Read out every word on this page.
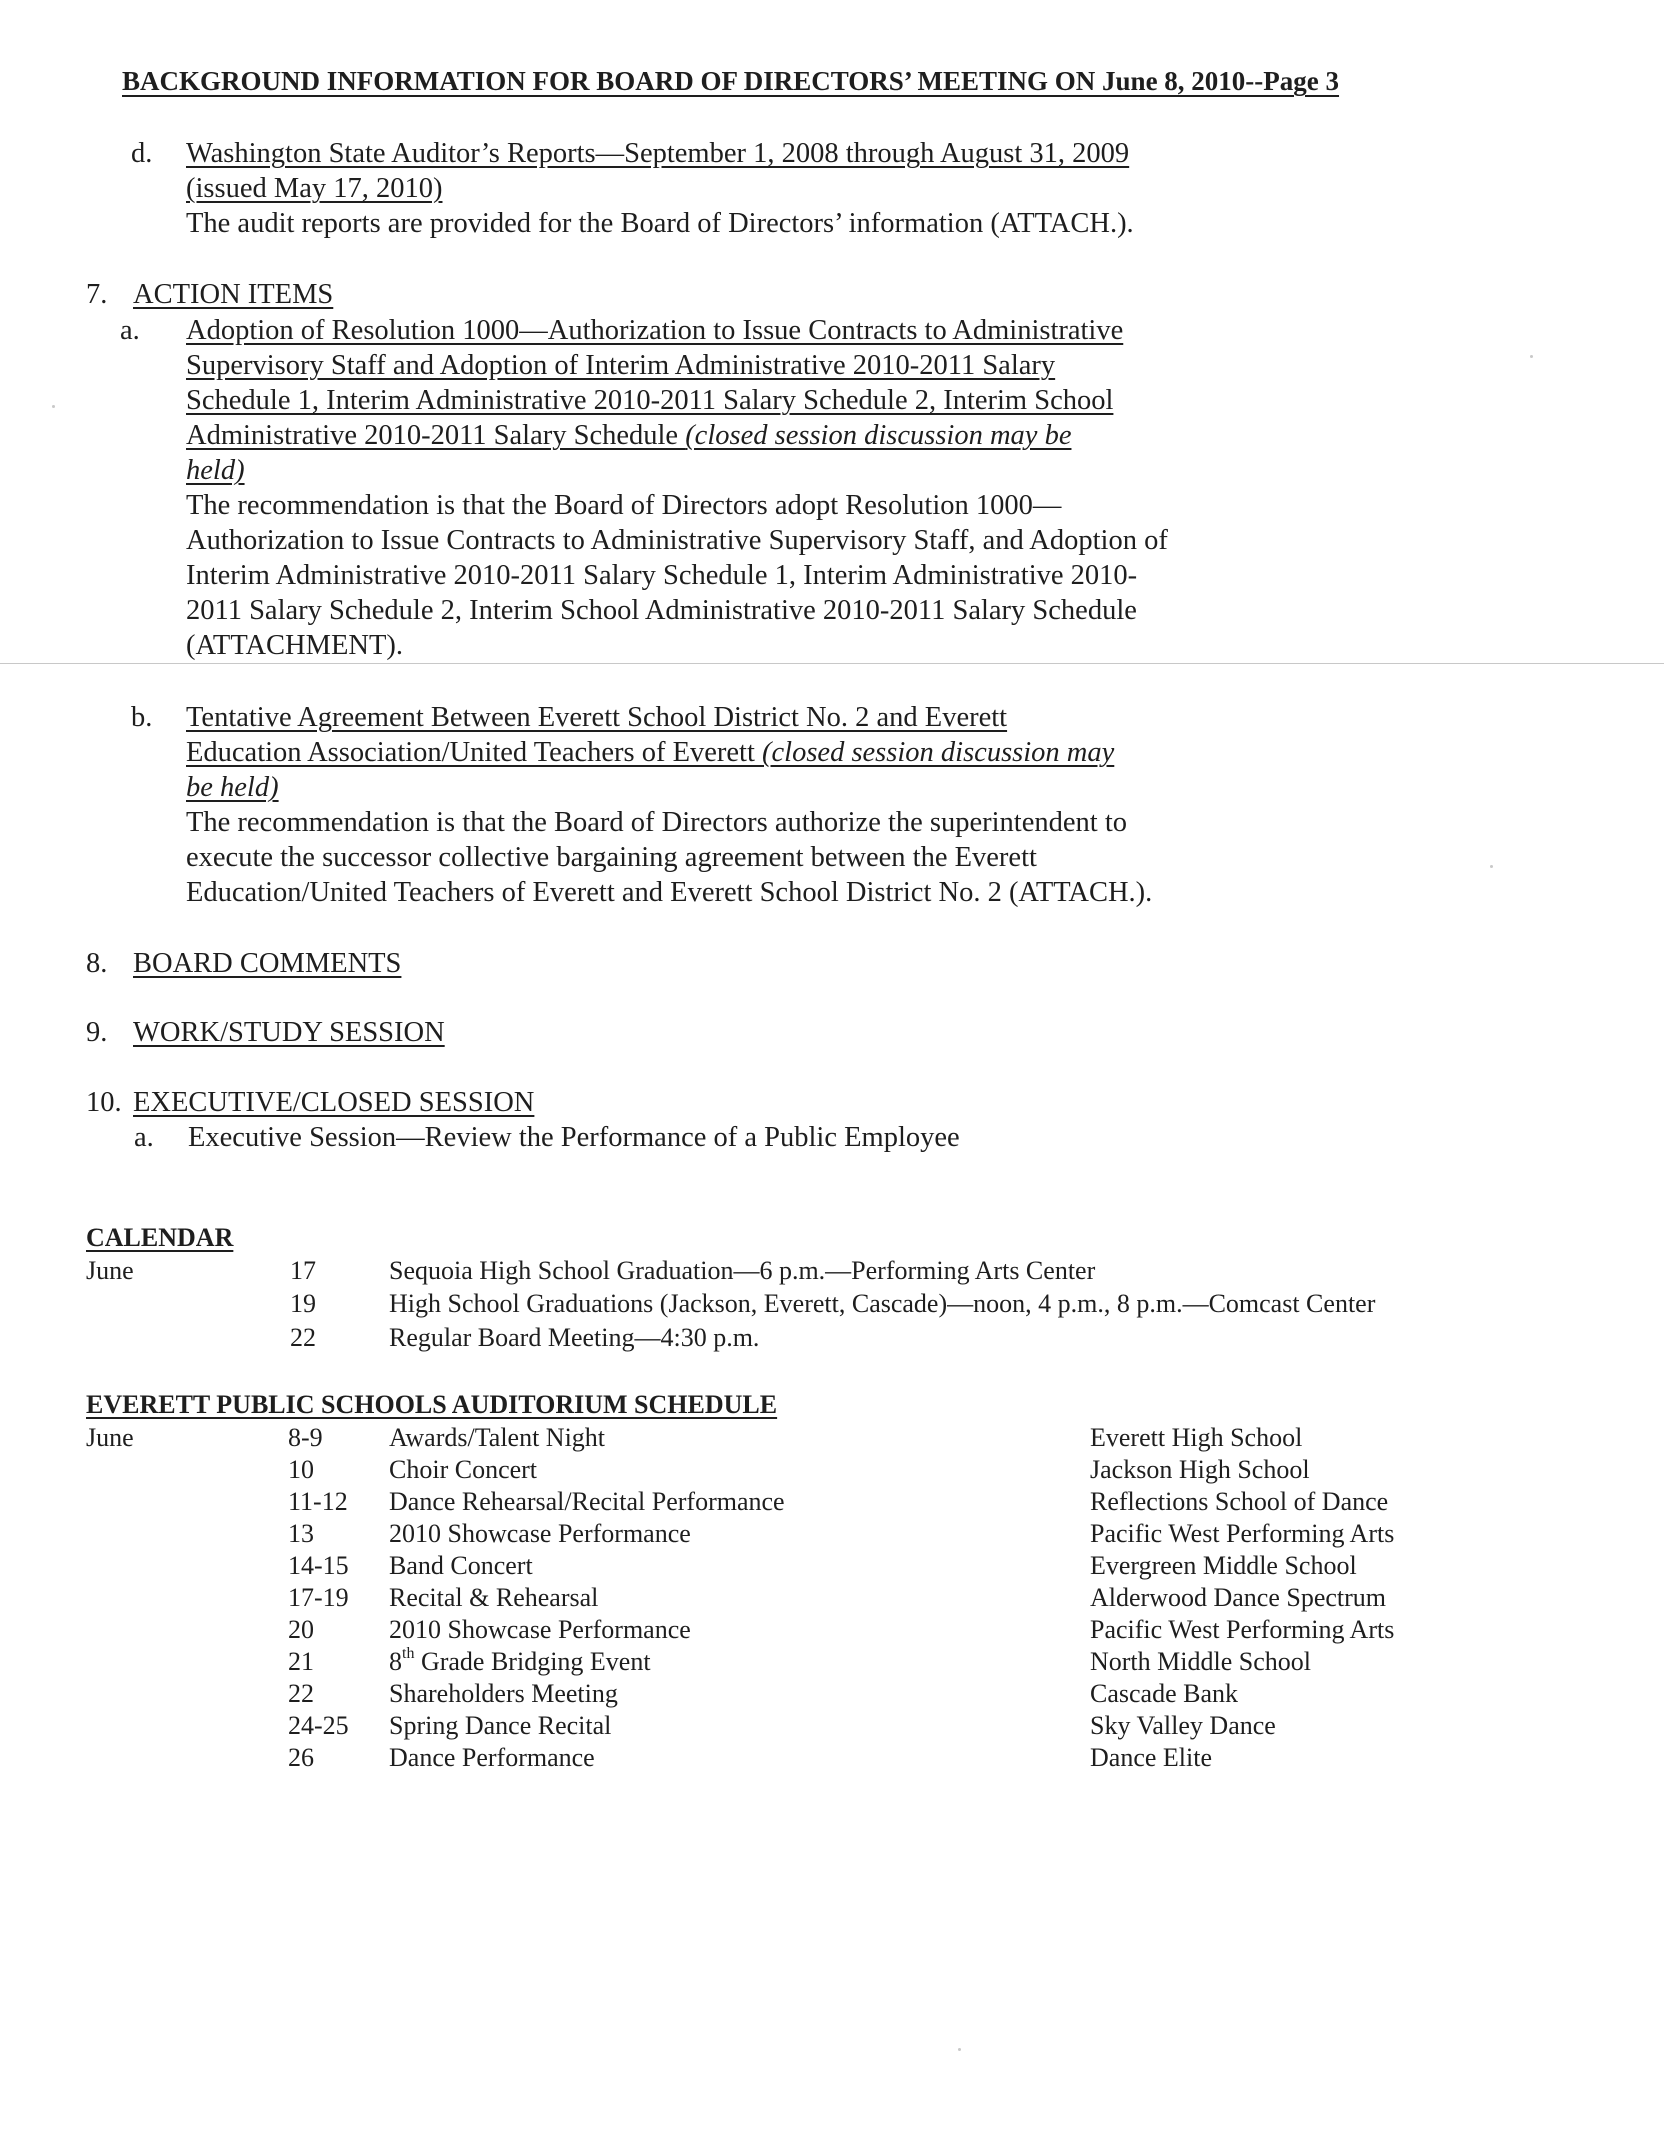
BACKGROUND INFORMATION FOR BOARD OF DIRECTORS’ MEETING ON June 8, 2010--Page 3
d. Washington State Auditor’s Reports—September 1, 2008 through August 31, 2009
(issued May 17, 2010)
The audit reports are provided for the Board of Directors’ information (ATTACH.).
7. ACTION ITEMS
a. Adoption of Resolution 1000—Authorization to Issue Contracts to Administrative
Supervisory Staff and Adoption of Interim Administrative 2010-2011 Salary
Schedule 1, Interim Administrative 2010-2011 Salary Schedule 2, Interim School
Administrative 2010-2011 Salary Schedule (closed session discussion may be
held)
The recommendation is that the Board of Directors adopt Resolution 1000—
Authorization to Issue Contracts to Administrative Supervisory Staff, and Adoption of
Interim Administrative 2010-2011 Salary Schedule 1, Interim Administrative 2010-
2011 Salary Schedule 2, Interim School Administrative 2010-2011 Salary Schedule
(ATTACHMENT).
b. Tentative Agreement Between Everett School District No. 2 and Everett
Education Association/United Teachers of Everett (closed session discussion may
be held)
The recommendation is that the Board of Directors authorize the superintendent to
execute the successor collective bargaining agreement between the Everett
Education/United Teachers of Everett and Everett School District No. 2 (ATTACH.).
8. BOARD COMMENTS
9. WORK/STUDY SESSION
10. EXECUTIVE/CLOSED SESSION
a. Executive Session—Review the Performance of a Public Employee
CALENDAR
June	17	Sequoia High School Graduation—6 p.m.—Performing Arts Center
19	High School Graduations (Jackson, Everett, Cascade)—noon, 4 p.m., 8 p.m.—Comcast Center
22	Regular Board Meeting—4:30 p.m.
EVERETT PUBLIC SCHOOLS AUDITORIUM SCHEDULE
June	8-9	Awards/Talent Night	Everett High School
10	Choir Concert	Jackson High School
11-12 Dance Rehearsal/Recital Performance	Reflections School of Dance
13	2010 Showcase Performance	Pacific West Performing Arts
14-15 Band Concert	Evergreen Middle School
17-19 Recital & Rehearsal	Alderwood Dance Spectrum
20	2010 Showcase Performance	Pacific West Performing Arts
21	8th Grade Bridging Event	North Middle School
22	Shareholders Meeting	Cascade Bank
24-25 Spring Dance Recital	Sky Valley Dance
26	Dance Performance	Dance Elite
